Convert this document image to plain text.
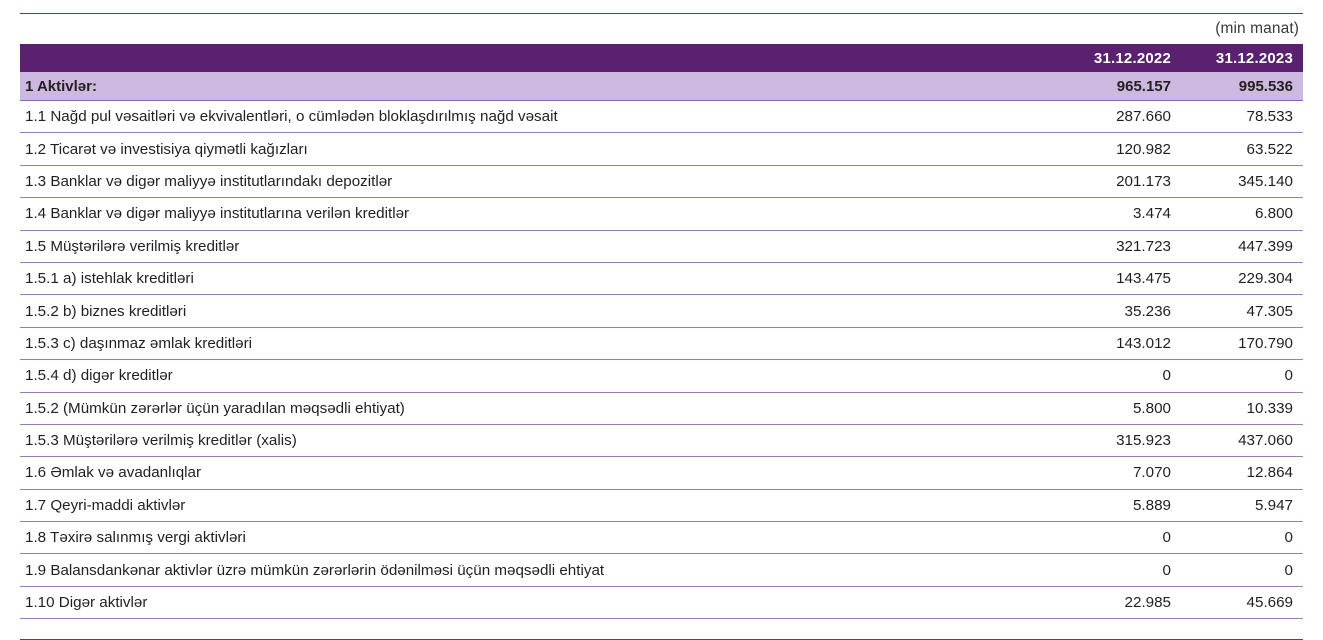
(min manat)
	31.12.2022	31.12.2023
1 Aktivlər:	965.157	995.536
1.1 Nağd pul vəsaitləri və ekvivalentləri, o cümlədən bloklaşdırılmış nağd vəsait	287.660	78.533
1.2 Ticarət və investisiya qiymətli kağızları	120.982	63.522
1.3 Banklar və digər maliyyə institutlarındakı depozitlər	201.173	345.140
1.4 Banklar və digər maliyyə institutlarına verilən kreditlər	3.474	6.800
1.5 Müştərilərə verilmiş kreditlər	321.723	447.399
1.5.1 a) istehlak kreditləri	143.475	229.304
1.5.2 b) biznes kreditləri	35.236	47.305
1.5.3 c) daşınmaz əmlak kreditləri	143.012	170.790
1.5.4 d) digər kreditlər	0	0
1.5.2 (Mümkün zərərlər üçün yaradılan məqsədli ehtiyat)	5.800	10.339
1.5.3 Müştərilərə verilmiş kreditlər (xalis)	315.923	437.060
1.6 Əmlak və avadanlıqlar	7.070	12.864
1.7 Qeyri-maddi aktivlər	5.889	5.947
1.8 Təxirə salınmış vergi aktivləri	0	0
1.9 Balansdankənar aktivlər üzrə mümkün zərərlərin ödənilməsi üçün məqsədli ehtiyat	0	0
1.10 Digər aktivlər	22.985	45.669
